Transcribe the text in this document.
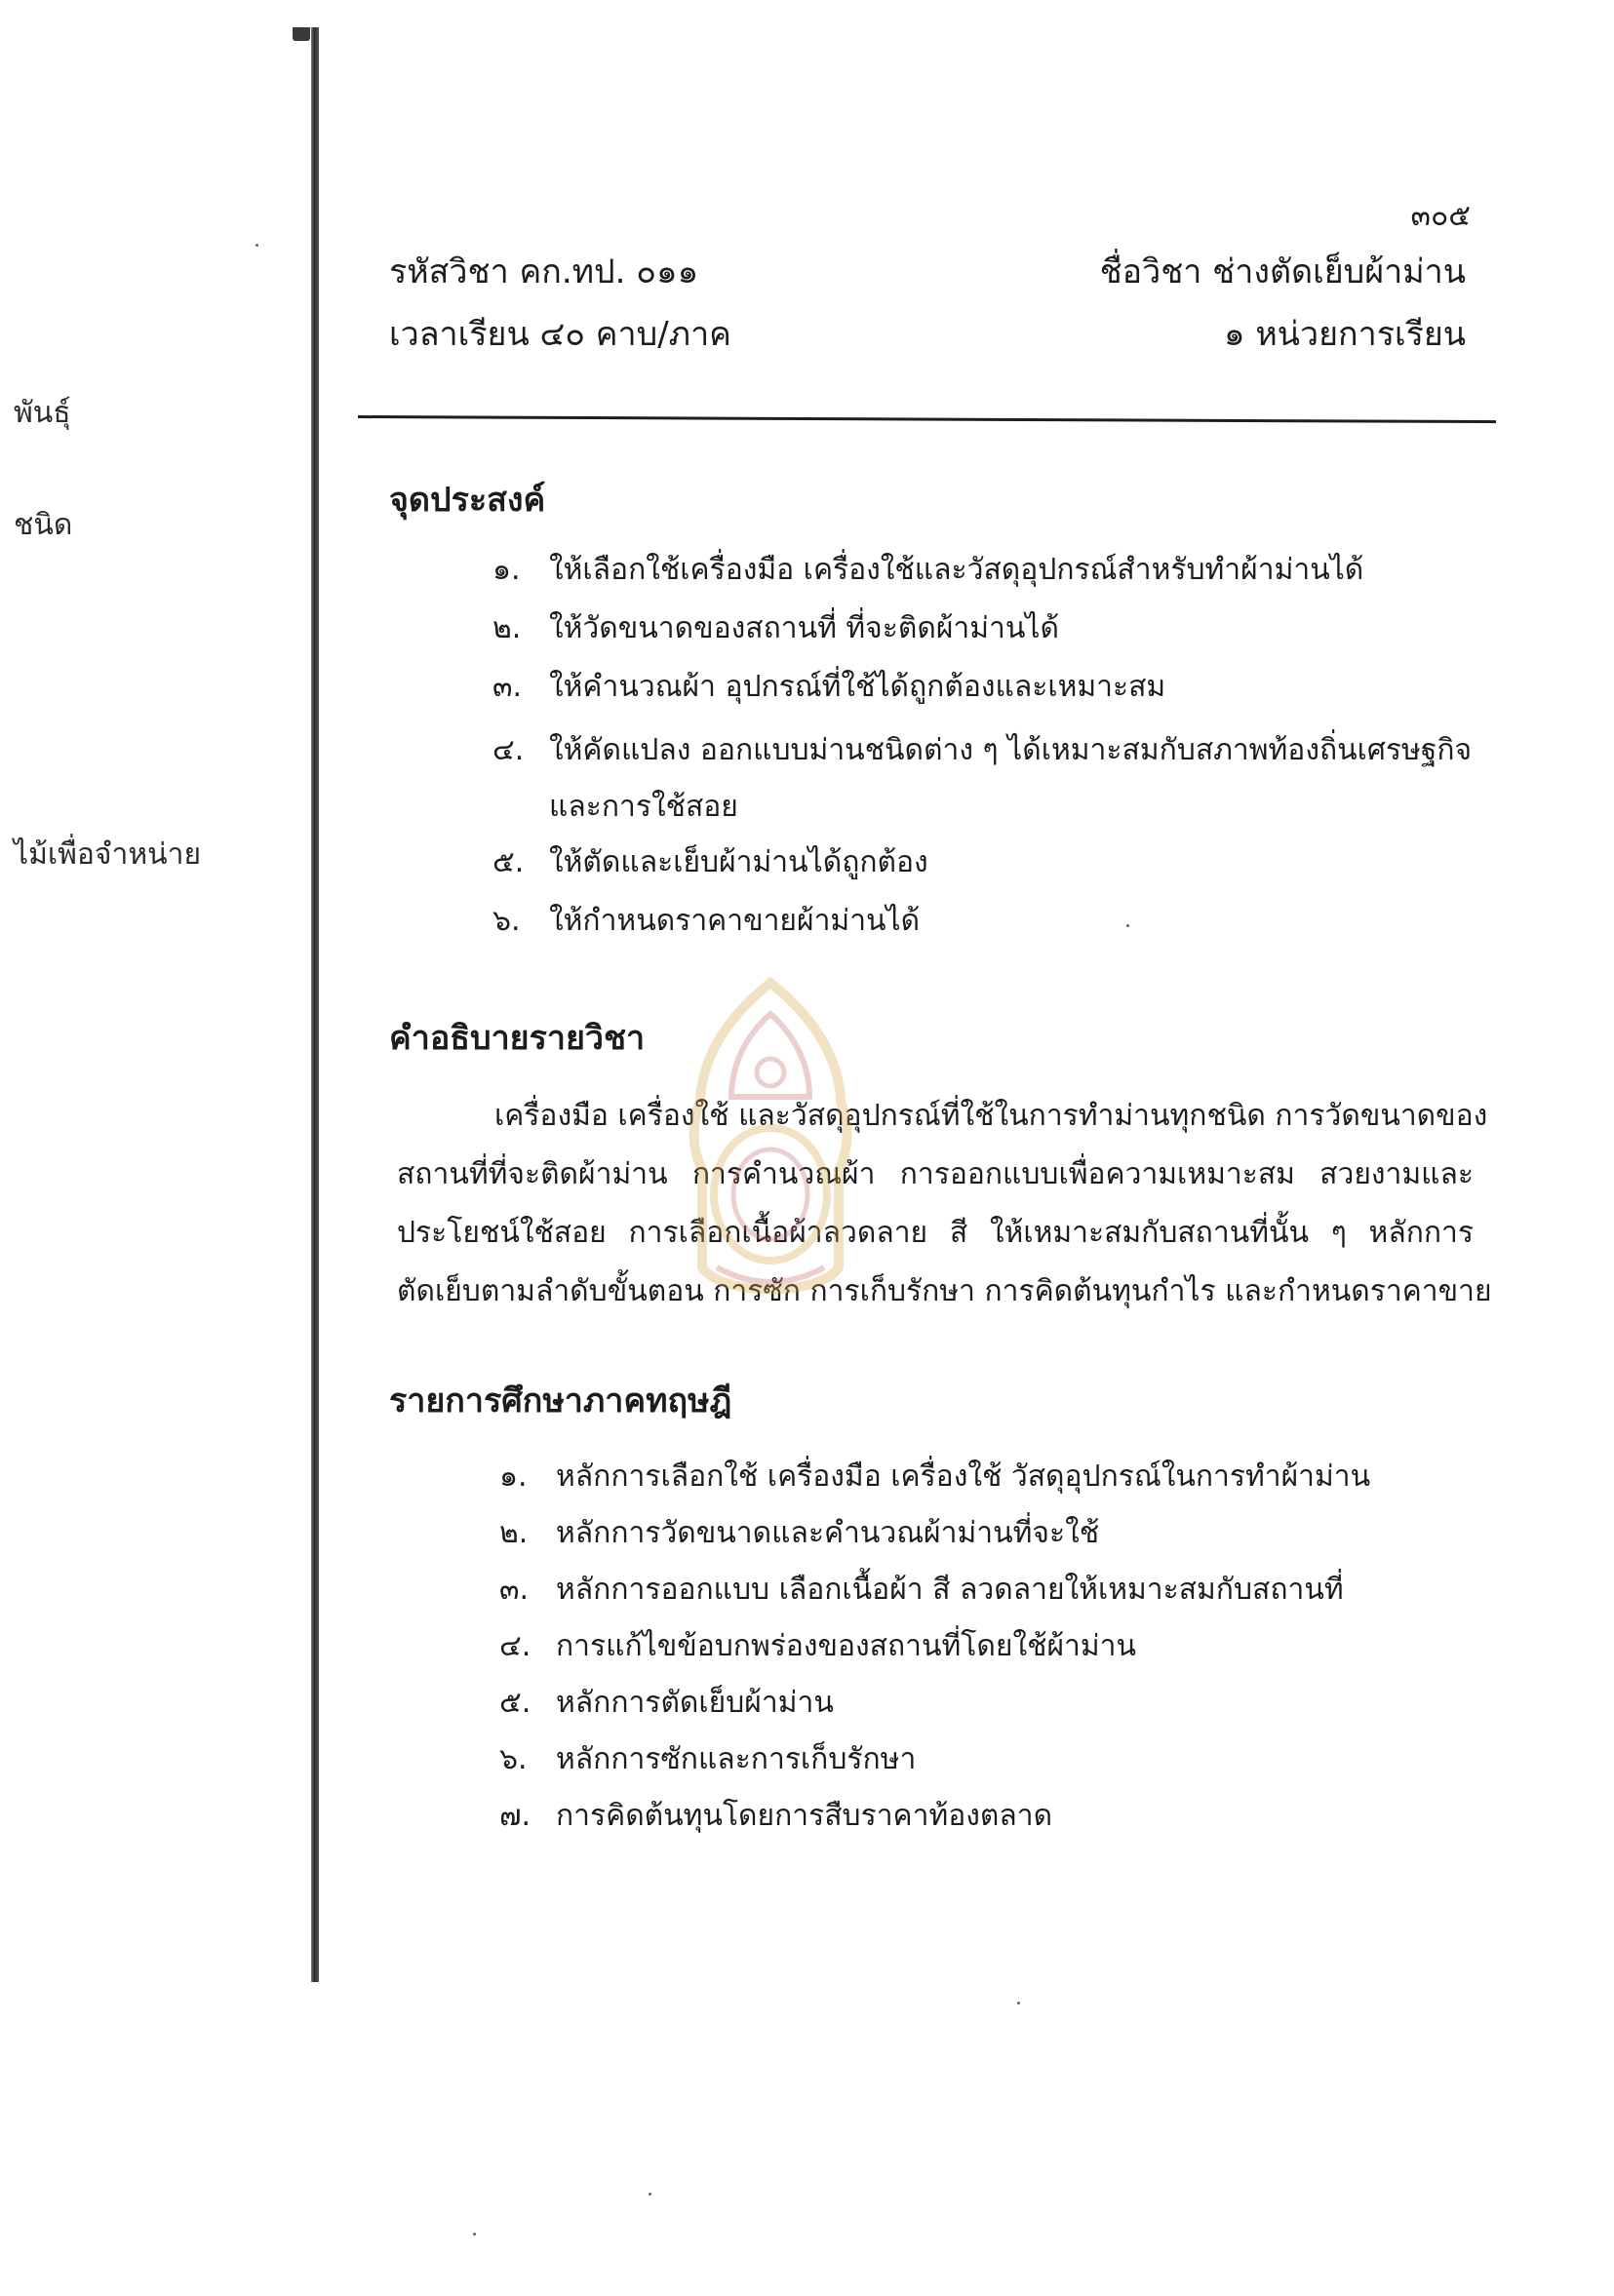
พันธุ์
ชนิด
ไม้เพื่อจำหน่าย
๓๐๕
รหัสวิชา คก.ทป. ๐๑๑
เวลาเรียน ๔๐ คาบ/ภาค
ชื่อวิชา ช่างตัดเย็บผ้าม่าน
๑ หน่วยการเรียน
จุดประสงค์
๑. ให้เลือกใช้เครื่องมือ เครื่องใช้และวัสดุอุปกรณ์สำหรับทำผ้าม่านได้
๒. ให้วัดขนาดของสถานที่ ที่จะติดผ้าม่านได้
๓. ให้คำนวณผ้า อุปกรณ์ที่ใช้ได้ถูกต้องและเหมาะสม
๔. ให้คัดแปลง ออกแบบม่านชนิดต่าง ๆ ได้เหมาะสมกับสภาพท้องถิ่นเศรษฐกิจ
และการใช้สอย
๕. ให้ตัดและเย็บผ้าม่านได้ถูกต้อง
๖. ให้กำหนดราคาขายผ้าม่านได้
คำอธิบายรายวิชา
เครื่องมือ เครื่องใช้ และวัสดุอุปกรณ์ที่ใช้ในการทำม่านทุกชนิด การวัดขนาดของ
สถานที่ที่จะติดผ้าม่าน การคำนวณผ้า การออกแบบเพื่อความเหมาะสม สวยงามและ
ประโยชน์ใช้สอย การเลือกเนื้อผ้าลวดลาย สี ให้เหมาะสมกับสถานที่นั้น ๆ หลักการ
ตัดเย็บตามลำดับขั้นตอน การซัก การเก็บรักษา การคิดต้นทุนกำไร และกำหนดราคาขาย
รายการศึกษาภาคทฤษฎี
๑. หลักการเลือกใช้ เครื่องมือ เครื่องใช้ วัสดุอุปกรณ์ในการทำผ้าม่าน
๒. หลักการวัดขนาดและคำนวณผ้าม่านที่จะใช้
๓. หลักการออกแบบ เลือกเนื้อผ้า สี ลวดลายให้เหมาะสมกับสถานที่
๔. การแก้ไขข้อบกพร่องของสถานที่โดยใช้ผ้าม่าน
๕. หลักการตัดเย็บผ้าม่าน
๖. หลักการซักและการเก็บรักษา
๗. การคิดต้นทุนโดยการสืบราคาท้องตลาด
